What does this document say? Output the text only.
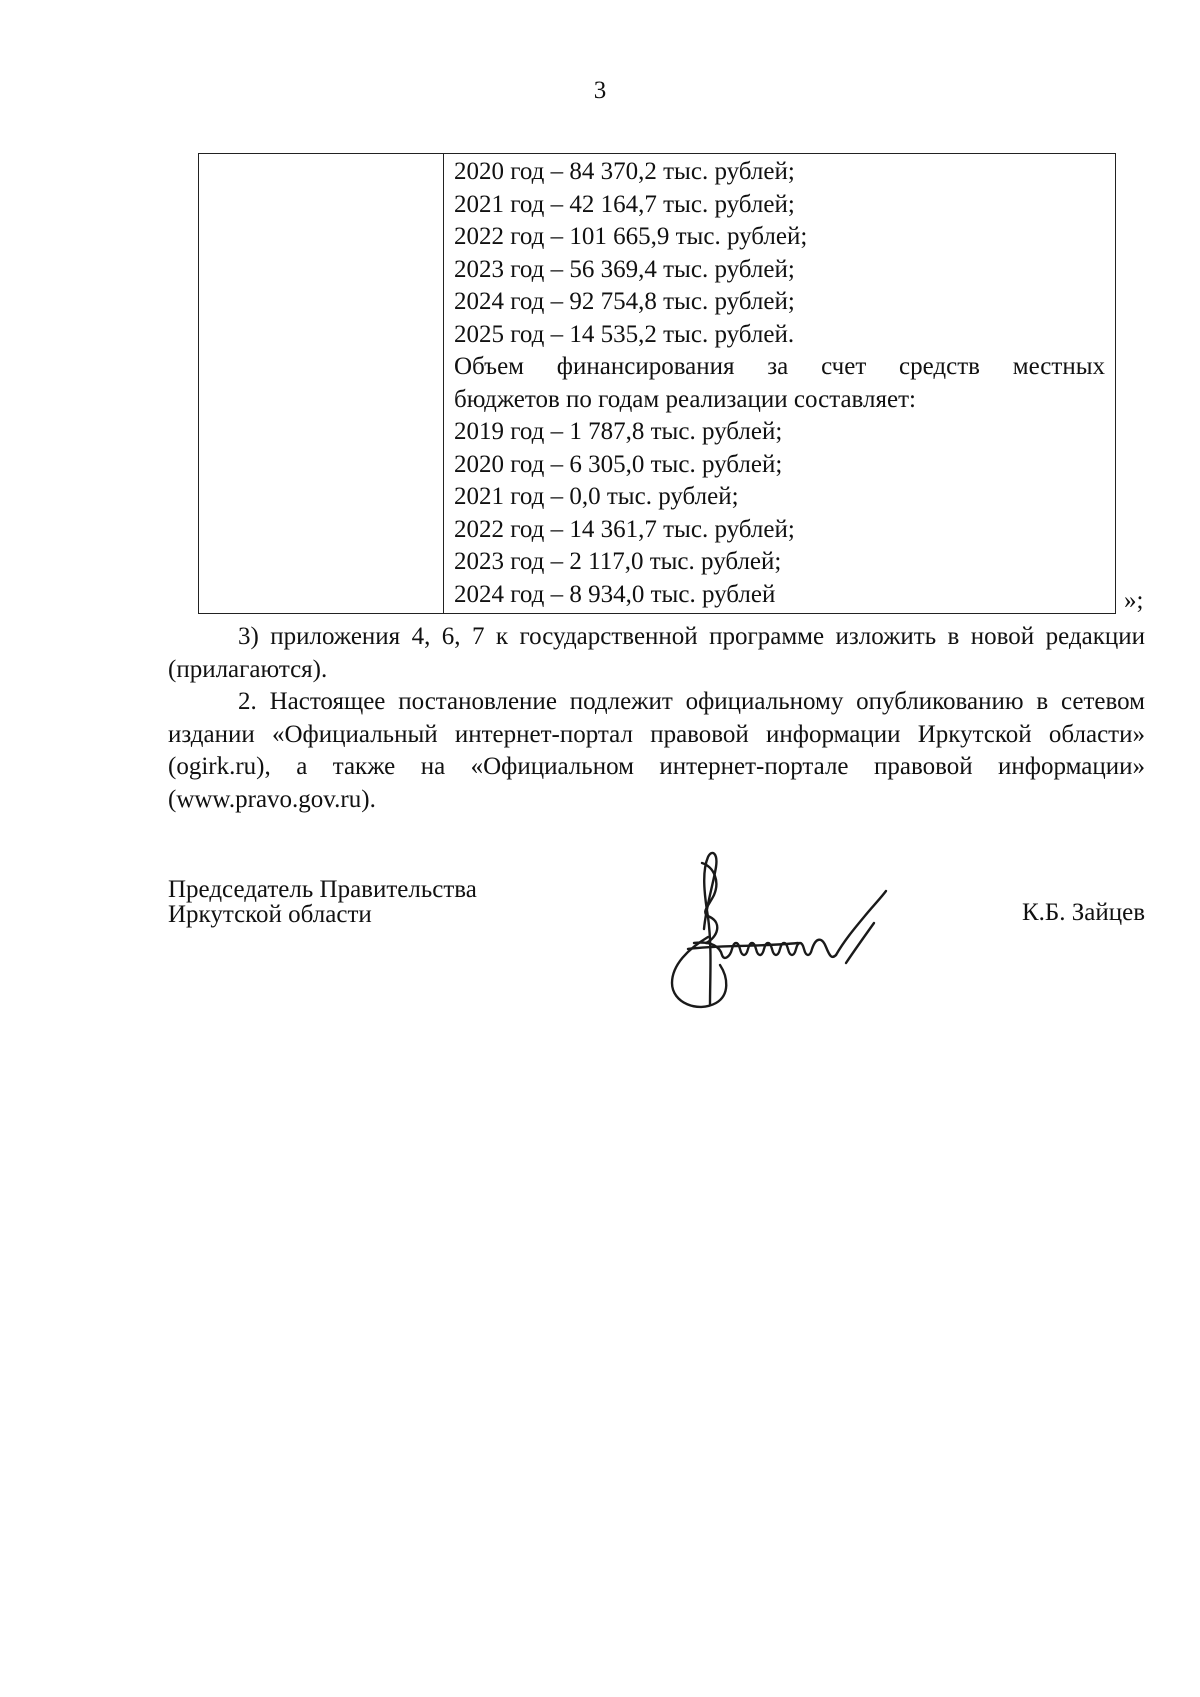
3

2020 год – 84 370,2 тыс. рублей;
2021 год – 42 164,7 тыс. рублей;
2022 год – 101 665,9 тыс. рублей;
2023 год – 56 369,4 тыс. рублей;
2024 год – 92 754,8 тыс. рублей;
2025 год – 14 535,2 тыс. рублей.
Объем финансирования за счет средств местных
бюджетов по годам реализации составляет:
2019 год – 1 787,8 тыс. рублей;
2020 год – 6 305,0 тыс. рублей;
2021 год – 0,0 тыс. рублей;
2022 год – 14 361,7 тыс. рублей;
2023 год – 2 117,0 тыс. рублей;
2024 год – 8 934,0 тыс. рублей	»;

3) приложения 4, 6, 7 к государственной программе изложить в новой редакции (прилагаются).

2. Настоящее постановление подлежит официальному опубликованию в сетевом издании «Официальный интернет-портал правовой информации Иркутской области» (ogirk.ru), а также на «Официальном интернет-портале правовой информации» (www.pravo.gov.ru).

Председатель Правительства
Иркутской области	К.Б. Зайцев
